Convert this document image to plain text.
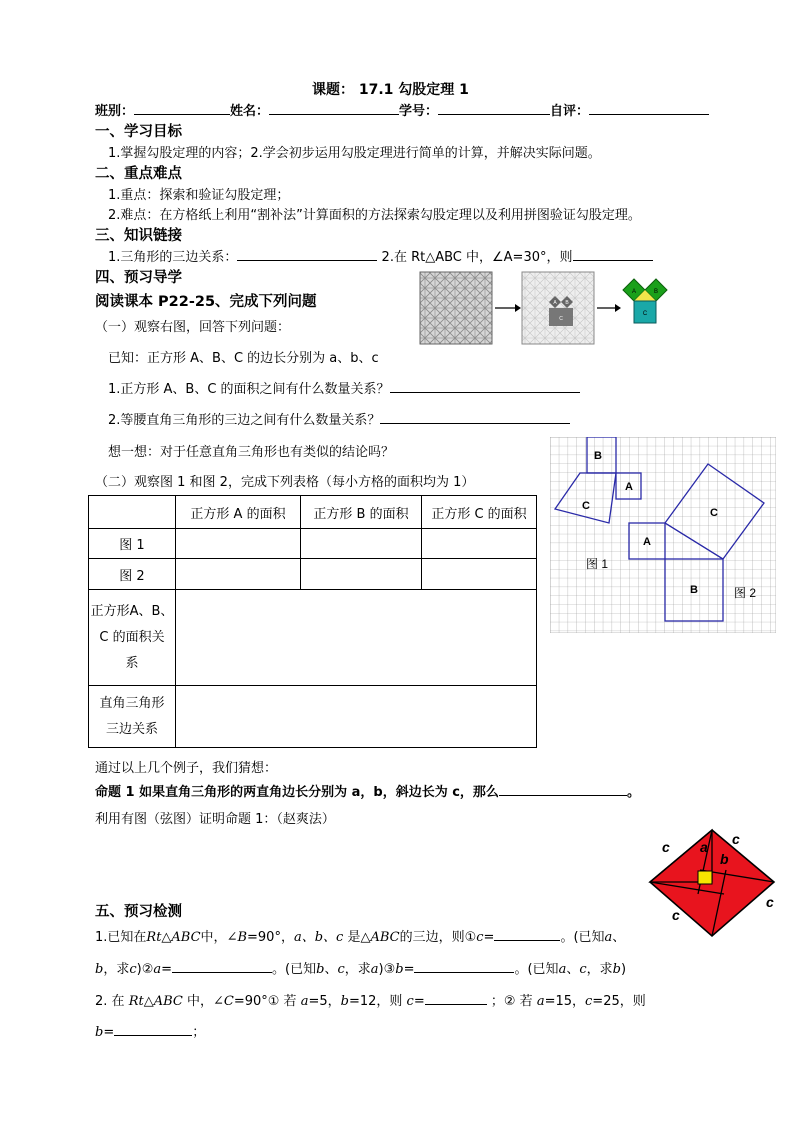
课题： 17.1 勾股定理 1
班别：	姓名：	学号：	自评：
一、学习目标
1.掌握勾股定理的内容；2.学会初步运用勾股定理进行简单的计算，并解决实际问题。
二、重点难点
1.重点：探索和验证勾股定理；
2.难点：在方格纸上利用“割补法”计算面积的方法探索勾股定理以及利用拼图验证勾股定理。
三、知识链接
1.三角形的三边关系：	2.在 Rt△ABC 中，∠A=30°，则
四、预习导学
阅读课本 P22-25、完成下列问题
（一）观察右图，回答下列问题：
已知：正方形 A、B、C 的边长分别为 a、b、c
1.正方形 A、B、C 的面积之间有什么数量关系？
2.等腰直角三角形的三边之间有什么数量关系？
想一想：对于任意直角三角形也有类似的结论吗？
（二）观察图 1 和图 2，完成下列表格（每小方格的面积均为 1）
	正方形 A 的面积	正方形 B 的面积	正方形 C 的面积
图 1			
图 2			

正方形A、B、
C 的面积关
系			

直角三角形
三边关系			

通过以上几个例子，我们猜想：
命题 1 如果直角三角形的两直角边长分别为 a，b，斜边长为 c，那么	。
利用有图（弦图）证明命题 1：（赵爽法）
A B
C
A	B
C
B
A
C
图 1
A
B
C
图 2
c	c
c
c
a
b
五、预习检测
1.已知在Rt△ABC中，∠B=90°，a、b、c 是△ABC的三边，则①c=	。(已知a、
b，求c)②a=	。(已知b、c，求a)③b=	。(已知a、c，求b)
2. 在 Rt△ABC 中，∠C=90°① 若 a=5，b=12，则 c=	；② 若 a=15，c=25，则
b=	；
